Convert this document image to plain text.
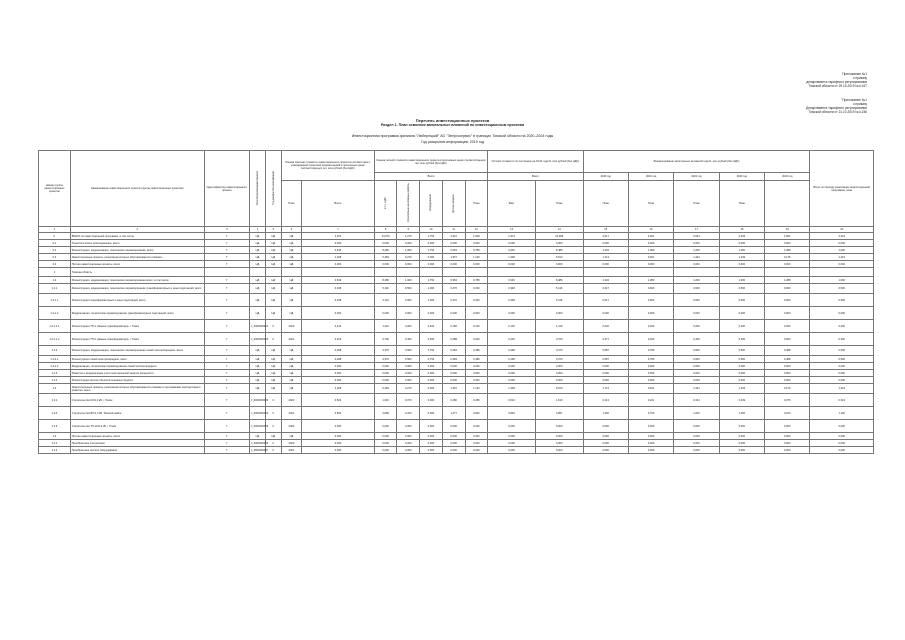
Приложение №1
к приказу
департамента тарифного регулирования
Томской области от 29.10.2019 №4-167
"Приложение №1
к приказу
Департамента тарифного регулирования
Томской области от 21.10.2019 №4-156
Перечень инвестиционных проектов
Раздел 1. План освоения капитальных вложений по инвестиционным проектам
Инвестиционная программа филиала "Люберецкий" АО "Энергосервис" в границах Томской области на 2020–2024 годы
Год раскрытия информации: 2019 год
Номер группы инвестиционных проектов	Наименование инвестиционного проекта (группы инвестиционных проектов)	Идентификатор инвестиционного проекта	Способ реализации проекта	Год раскрытия информации	Полная сметная стоимость инвестиционного проекта в соответствии с утвержденной проектной документацией в прогнозных ценах соответствующих лет, млн рублей (без НДС)		Оценка полной стоимости инвестиционного проекта в прогнозных ценах соответствующих лет, млн рублей (без НДС)					Остаток стоимости по состоянию на 01.01 года N, млн рублей (без НДС)		Финансирование капитальных вложений года N, млн рублей (без НДС)					Всего по периоду реализации инвестиционной программы, план
							Всего					Всего		2020 год	2021 год	2022 год	2023 год	2024 год	
					План	Всего	в т.ч. НДС	строительно-монтажные работы	оборудование	прочие затраты	План	Факт	План	План	План	План	План		
1	2	3	4	5	6	7	8	9	10	11	12	13	14	15	16	17	18	19	20
0	ВСЕГО по инвестиционной программе, в том числе:	Г	НД	НД	НД	1,974	14,970	1,270	1,754	2,911	1,909	1,974	14,999	2,917	2,301	2,544	2,249	1,564	2,419
0.1	Технологическое присоединение, всего	Г	НД	НД	НД	0,000	0,000	0,000	0,000	0,000	0,000	0,000	0,000	0,000	0,000	0,000	0,000	0,000	0,000
0.2	Реконструкция, модернизация, техническое перевооружение, всего	Г	НД	НД	НД	0,646	8,486	1,000	1,754	0,954	0,789	0,646	8,486	1,204	1,380	1,200	1,000	1,388	1,000
0.3	Инвестиционные проекты, реализация которых обуславливается схемами...	Г	НД	НД	НД	1,328	6,484	0,270	0,000	1,957	1,120	1,328	6,513	1,713	0,921	1,344	1,249	0,176	1,419
0.4	Прочие инвестиционные проекты, всего	Г	НД	НД	НД	0,000	0,000	0,000	0,000	0,000	0,000	0,000	0,000	0,000	0,000	0,000	0,000	0,000	0,000
1	Томская область																		
1.2	Реконструкция, модернизация, техническое перевооружение всего, в том числе:	Г	НД	НД	НД	0,646	8,486	1,000	1,754	0,954	0,789	0,646	8,486	1,204	1,380	1,200	1,000	1,388	1,000
1.2.1	Реконструкция, модернизация, техническое перевооружение трансформаторных и иных подстанций, всего	Г	НД	НД	НД	0,348	5,116	0,500	1,000	0,470	0,300	0,348	5,116	0,617	0,600	0,600	0,500	0,900	0,500
1.2.1.1	Реконструкция трансформаторных и иных подстанций, всего	Г	НД	НД	НД	0,348	5,116	0,500	1,000	0,470	0,300	0,348	5,116	0,617	0,600	0,600	0,500	0,900	0,500
1.2.1.2	Модернизация, техническое перевооружение трансформаторных подстанций, всего	Г	НД	НД	НД	0,000	0,000	0,000	0,000	0,000	0,000	0,000	0,000	0,000	0,000	0,000	0,000	0,000	0,000
1.2.1.1.1	Реконструкция ТП-1 (замена трансформатора), г. Томск	Г	J_0000000001	С	2020	0,132	1,416	0,200	0,400	0,182	0,100	0,132	1,416	0,240	0,200	0,200	0,200	0,300	0,200
1.2.1.1.2	Реконструкция ТП-2 (замена трансформатора), г. Томск	Г	J_0000000002	С	2021	0,216	3,700	0,300	0,600	0,288	0,200	0,216	3,700	0,377	0,400	0,400	0,300	0,600	0,300
1.2.2	Реконструкция, модернизация, техническое перевооружение линий электропередачи, всего	Г	НД	НД	НД	0,298	3,370	0,500	0,754	0,484	0,489	0,298	3,370	0,587	0,780	0,600	0,500	0,488	0,500
1.2.2.1	Реконструкция линий электропередачи, всего	Г	НД	НД	НД	0,298	3,370	0,500	0,754	0,484	0,489	0,298	3,370	0,587	0,780	0,600	0,500	0,488	0,500
1.2.2.2	Модернизация, техническое перевооружение линий электропередачи	Г	НД	НД	НД	0,000	0,000	0,000	0,000	0,000	0,000	0,000	0,000	0,000	0,000	0,000	0,000	0,000	0,000
1.2.3	Развитие и модернизация учета электрической энергии (мощности)	Г	НД	НД	НД	0,000	0,000	0,000	0,000	0,000	0,000	0,000	0,000	0,000	0,000	0,000	0,000	0,000	0,000
1.2.4	Реконструкция прочих объектов основных средств	Г	НД	НД	НД	0,000	0,000	0,000	0,000	0,000	0,000	0,000	0,000	0,000	0,000	0,000	0,000	0,000	0,000
1.3	Инвестиционные проекты, реализация которых обуславливается схемами и программами перспективного развития, всего	Г	НД	НД	НД	1,328	6,484	0,270	0,000	1,957	1,120	1,328	6,513	1,713	0,921	1,344	1,249	0,176	1,419
1.3.1	Строительство КЛ-0,4 кВ, г. Томск	Г	J_0000000003	С	2020	0,524	1,616	0,070	0,000	0,480	0,280	0,524	1,616	0,413	0,221	0,344	0,249	0,076	0,319
1.3.2	Строительство ВЛ-0,4 кВ, Томский район	Г	J_0000000004	С	2021	0,804	4,868	0,200	0,000	1,477	0,840	0,804	4,897	1,300	0,700	1,000	1,000	0,100	1,100
1.3.3	Строительство ТП-10/0,4 кВ, г. Томск	Г	J_0000000005	С	2022	0,000	0,000	0,000	0,000	0,000	0,000	0,000	0,000	0,000	0,000	0,000	0,000	0,000	0,000
1.4	Прочие инвестиционные проекты, всего	Г	НД	НД	НД	0,000	0,000	0,000	0,000	0,000	0,000	0,000	0,000	0,000	0,000	0,000	0,000	0,000	0,000
1.4.1	Приобретение спецтехники	Г	J_0000000006	С	2020	0,000	0,000	0,000	0,000	0,000	0,000	0,000	0,000	0,000	0,000	0,000	0,000	0,000	0,000
1.4.2	Приобретение прочего оборудования	Г	J_0000000007	С	2021	0,000	0,000	0,000	0,000	0,000	0,000	0,000	0,000	0,000	0,000	0,000	0,000	0,000	0,000
